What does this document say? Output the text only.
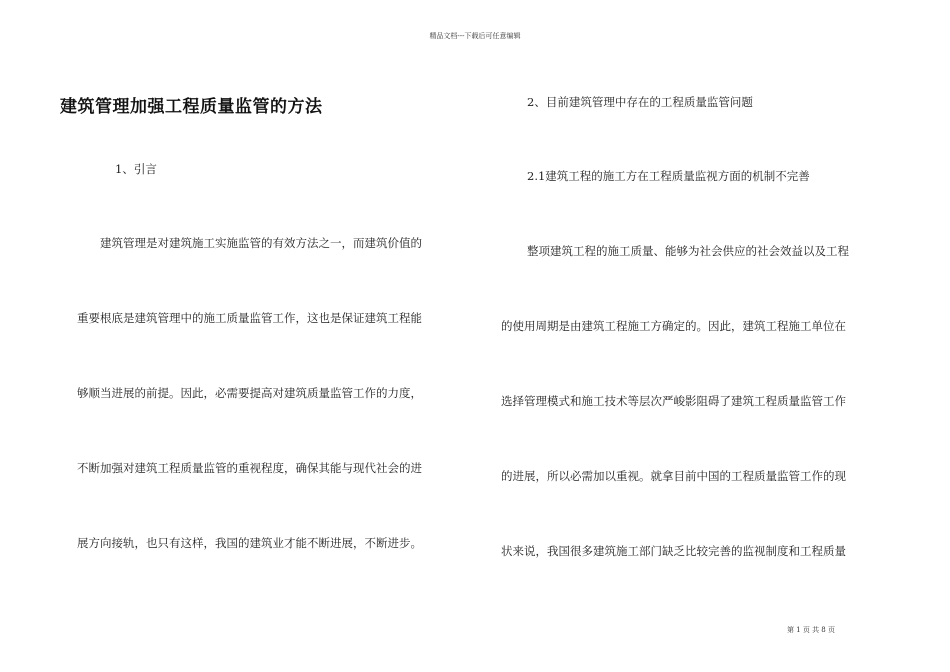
精品文档---下载后可任意编辑
建筑管理加强工程质量监管的方法
1、引言
建筑管理是对建筑施工实施监管的有效方法之一，而建筑价值的
重要根底是建筑管理中的施工质量监管工作，这也是保证建筑工程能
够顺当进展的前提。因此，必需要提高对建筑质量监管工作的力度，
不断加强对建筑工程质量监管的重视程度，确保其能与现代社会的进
展方向接轨，也只有这样，我国的建筑业才能不断进展，不断进步。
2、目前建筑管理中存在的工程质量监管问题
2.1建筑工程的施工方在工程质量监视方面的机制不完善
整项建筑工程的施工质量、能够为社会供应的社会效益以及工程
的使用周期是由建筑工程施工方确定的。因此，建筑工程施工单位在
选择管理模式和施工技术等层次严峻影阻碍了建筑工程质量监管工作
的进展，所以必需加以重视。就拿目前中国的工程质量监管工作的现
状来说，我国很多建筑施工部门缺乏比较完善的监视制度和工程质量
第 1 页 共 8 页
